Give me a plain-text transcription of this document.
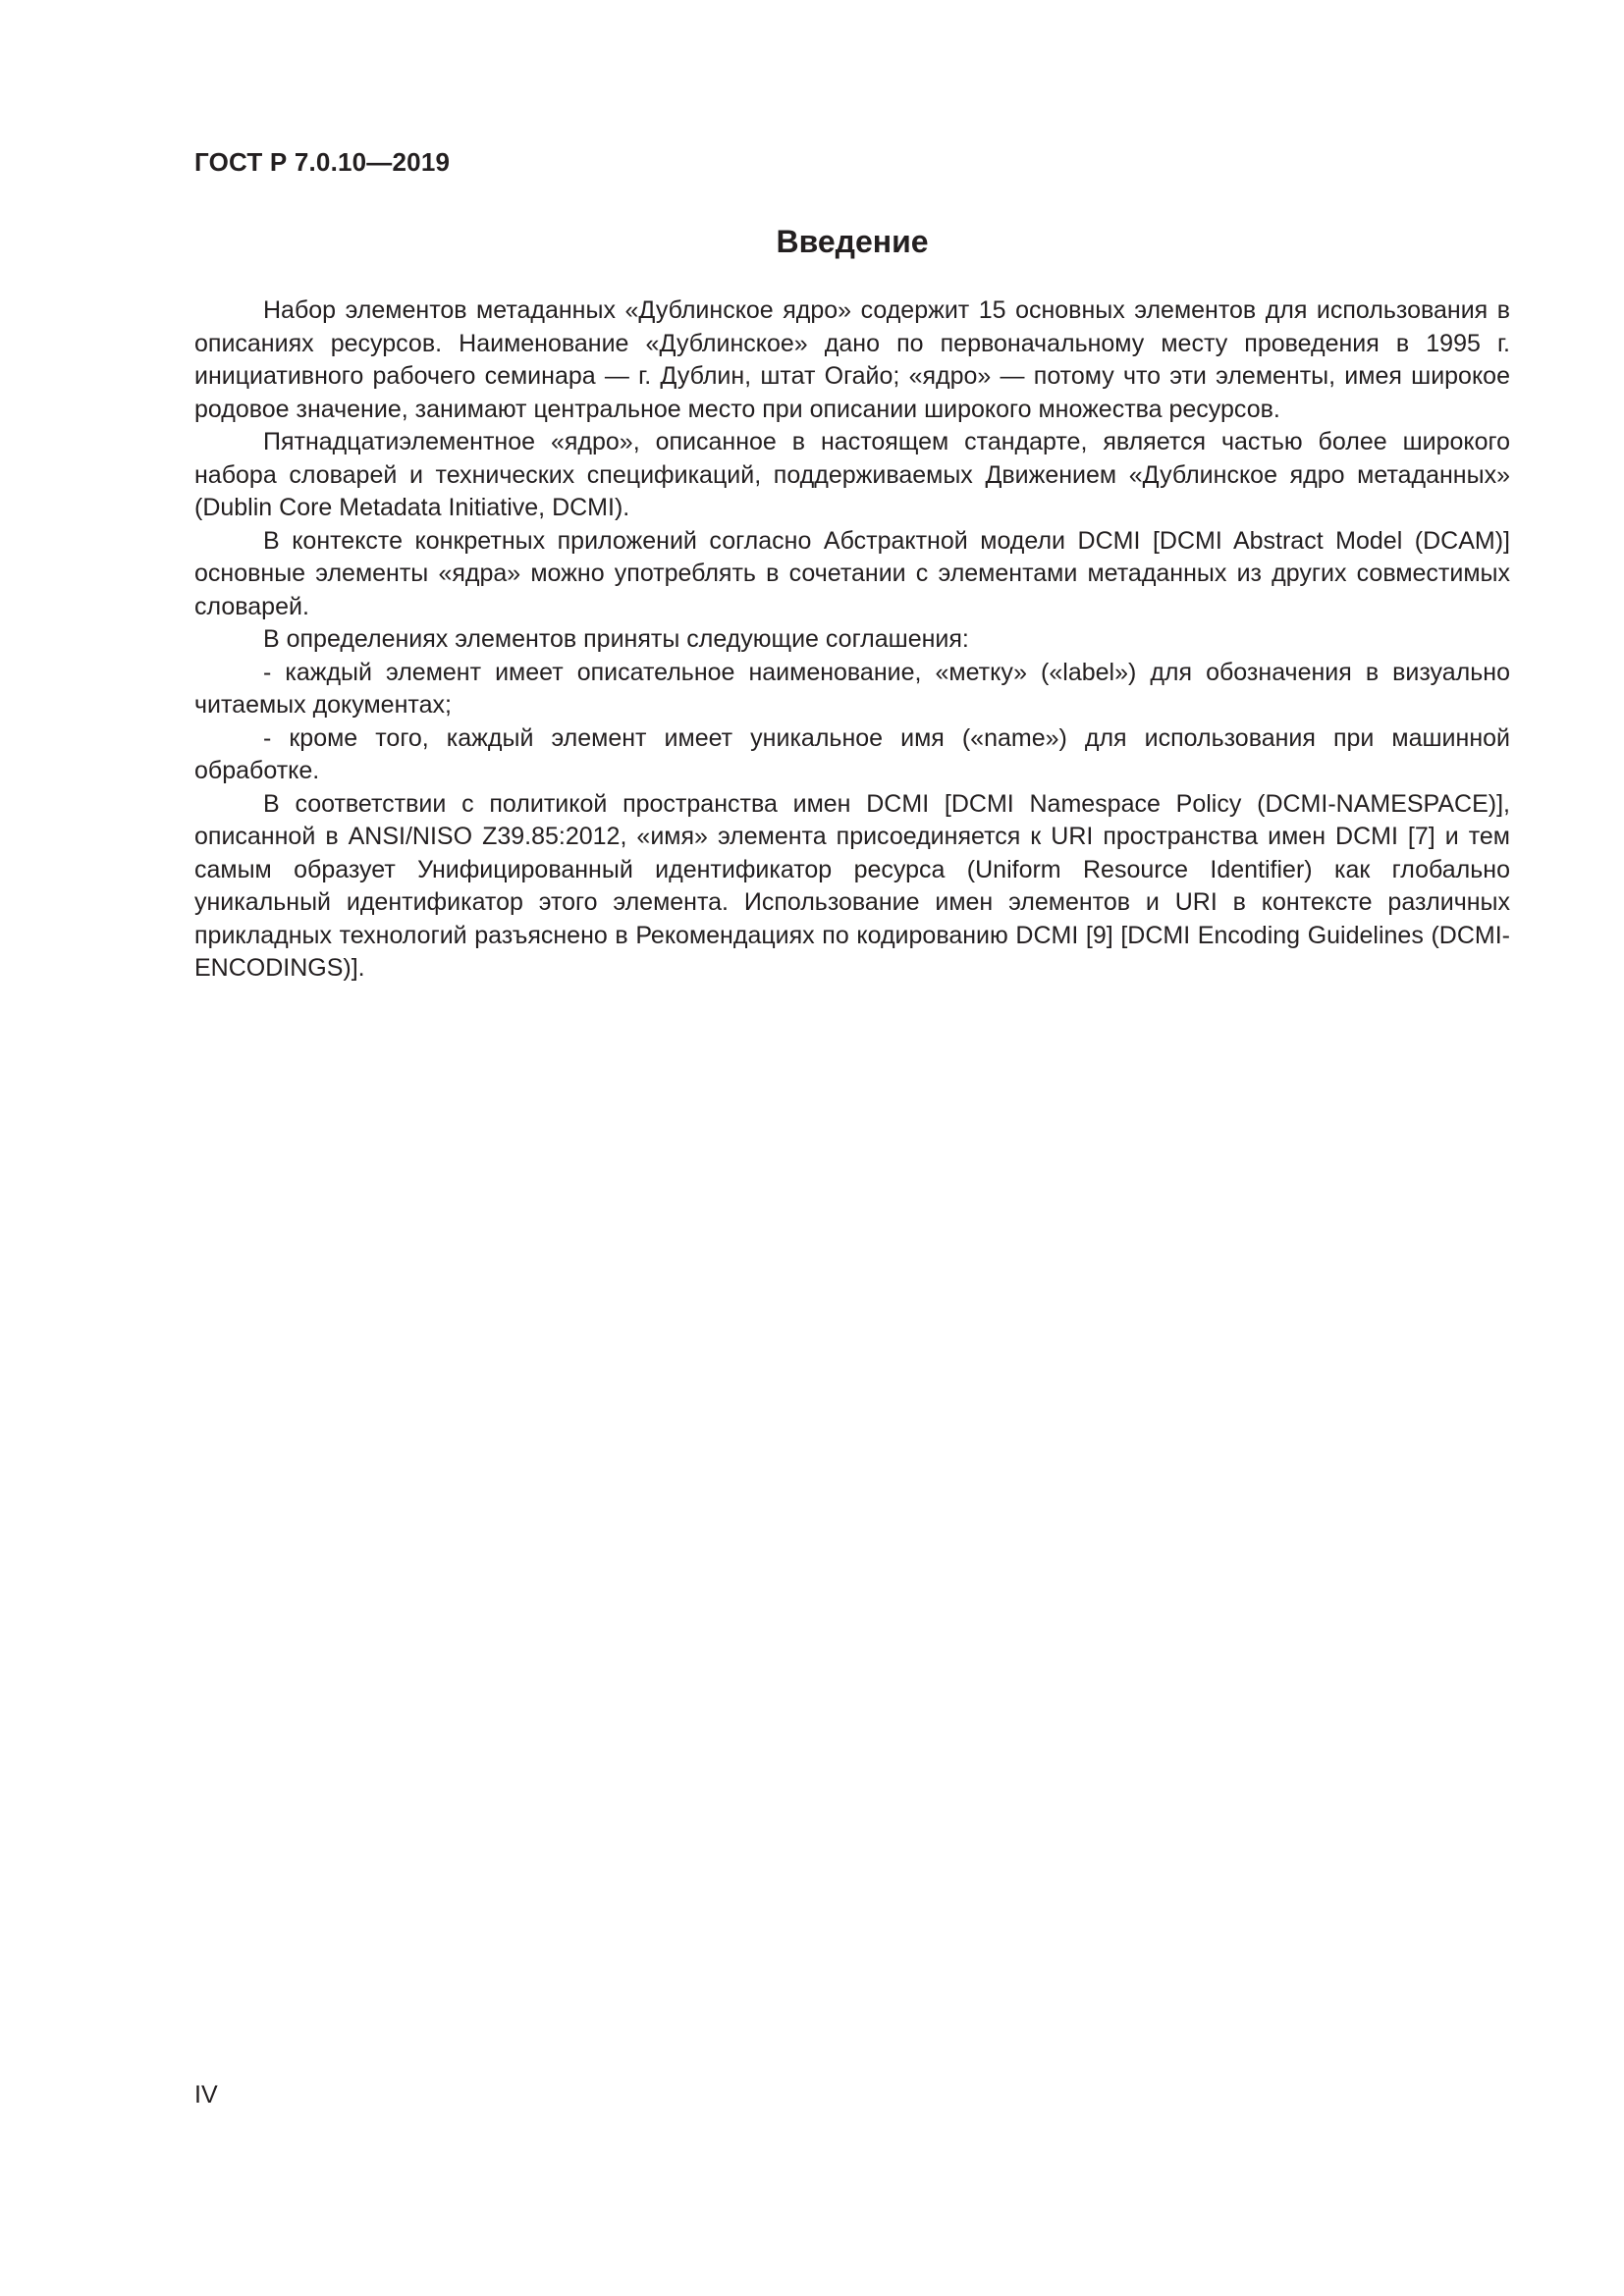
ГОСТ Р 7.0.10—2019

Введение

Набор элементов метаданных «Дублинское ядро» содержит 15 основных элементов для использования в описаниях ресурсов. Наименование «Дублинское» дано по первоначальному месту проведения в 1995 г. инициативного рабочего семинара — г. Дублин, штат Огайо; «ядро» — потому что эти элементы, имея широкое родовое значение, занимают центральное место при описании широкого множества ресурсов.

Пятнадцатиэлементное «ядро», описанное в настоящем стандарте, является частью более широкого набора словарей и технических спецификаций, поддерживаемых Движением «Дублинское ядро метаданных» (Dublin Core Metadata Initiative, DCMI).

В контексте конкретных приложений согласно Абстрактной модели DCMI [DCMI Abstract Model (DCAM)] основные элементы «ядра» можно употреблять в сочетании с элементами метаданных из других совместимых словарей.

В определениях элементов приняты следующие соглашения:

- каждый элемент имеет описательное наименование, «метку» («label») для обозначения в визуально читаемых документах;

- кроме того, каждый элемент имеет уникальное имя («name») для использования при машинной обработке.

В соответствии с политикой пространства имен DCMI [DCMI Namespace Policy (DCMI-NAMESPACE)], описанной в ANSI/NISO Z39.85:2012, «имя» элемента присоединяется к URI пространства имен DCMI [7] и тем самым образует Унифицированный идентификатор ресурса (Uniform Resource Identifier) как глобально уникальный идентификатор этого элемента. Использование имен элементов и URI в контексте различных прикладных технологий разъяснено в Рекомендациях по кодированию DCMI [9] [DCMI Encoding Guidelines (DCMI-ENCODINGS)].

IV
